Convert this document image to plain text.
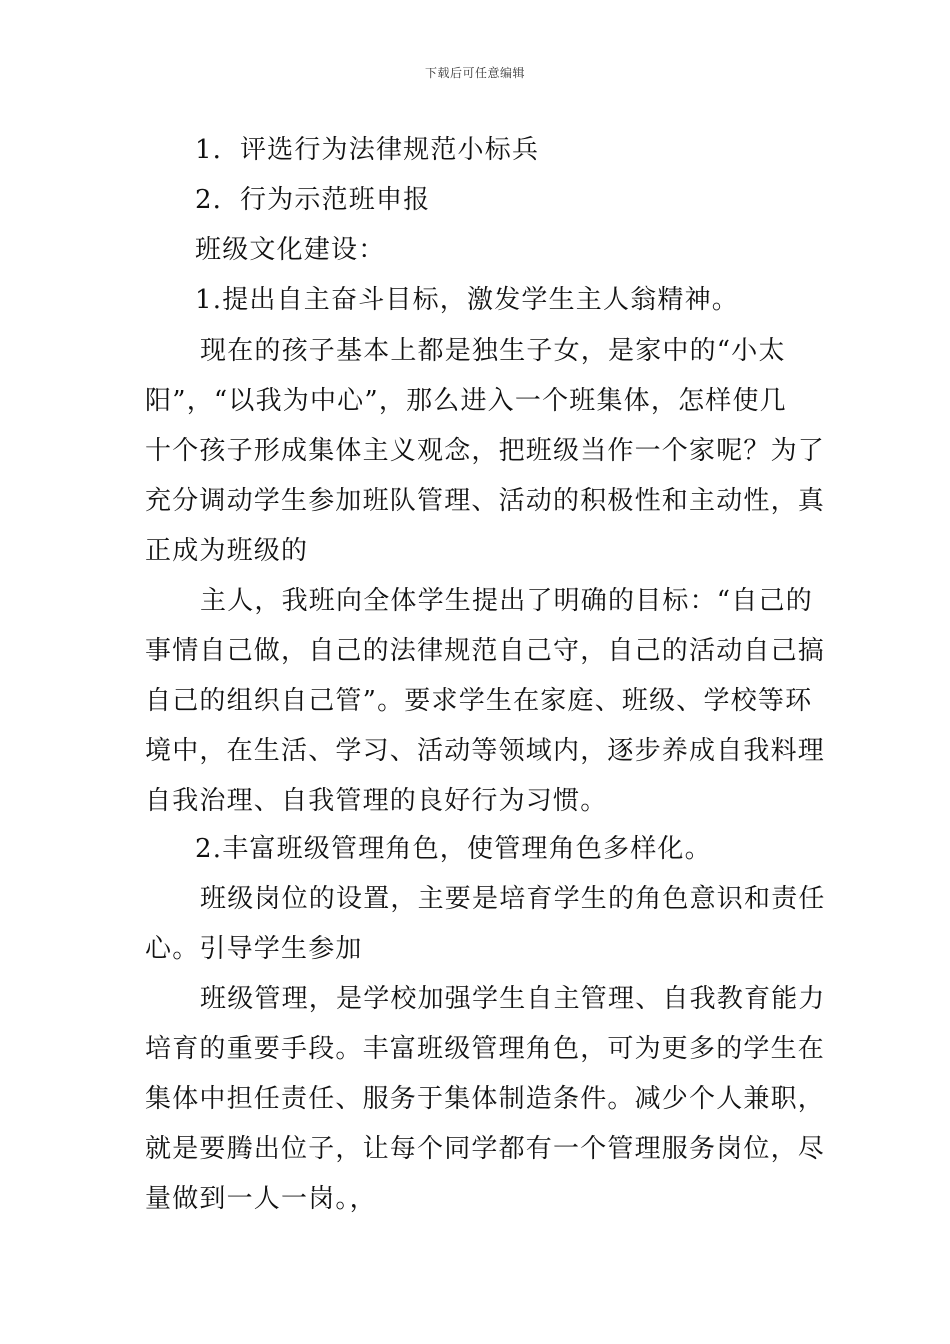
下载后可任意编辑
1．评选行为法律规范小标兵
2．行为示范班申报
班级文化建设：
1.提出自主奋斗目标，激发学生主人翁精神。
现在的孩子基本上都是独生子女，是家中的“小太
阳”，“以我为中心”，那么进入一个班集体，怎样使几
十个孩子形成集体主义观念，把班级当作一个家呢？为了
充分调动学生参加班队管理、活动的积极性和主动性，真
正成为班级的
主人，我班向全体学生提出了明确的目标：“自己的
事情自己做，自己的法律规范自己守，自己的活动自己搞
自己的组织自己管”。要求学生在家庭、班级、学校等环
境中，在生活、学习、活动等领域内，逐步养成自我料理
自我治理、自我管理的良好行为习惯。
2.丰富班级管理角色，使管理角色多样化。
班级岗位的设置，主要是培育学生的角色意识和责任
心。引导学生参加
班级管理，是学校加强学生自主管理、自我教育能力
培育的重要手段。丰富班级管理角色，可为更多的学生在
集体中担任责任、服务于集体制造条件。减少个人兼职，
就是要腾出位子，让每个同学都有一个管理服务岗位，尽
量做到一人一岗。，
